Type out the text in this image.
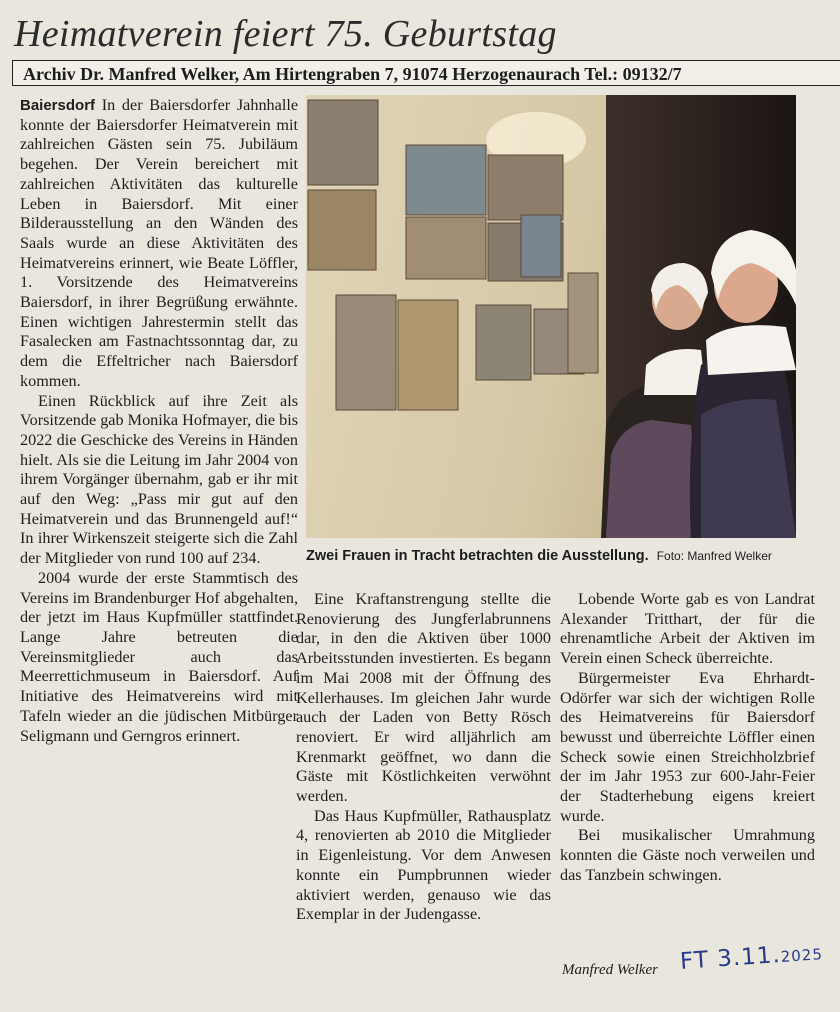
Heimatverein feiert 75. Geburtstag
Archiv Dr. Manfred Welker, Am Hirtengraben 7, 91074 Herzogenaurach Tel.: 09132/7

Baiersdorf In der Baiersdorfer Jahnhalle konnte der Baiersdorfer Heimatverein mit zahlreichen Gästen sein 75. Jubiläum begehen. Der Verein bereichert mit zahlreichen Aktivitäten das kulturelle Leben in Baiersdorf. Mit einer Bilderausstellung an den Wänden des Saals wurde an diese Aktivitäten des Heimatvereins erinnert, wie Beate Löffler, 1. Vorsitzende des Heimatvereins Baiersdorf, in ihrer Begrüßung erwähnte. Einen wichtigen Jahrestermin stellt das Fasalecken am Fastnachtssonntag dar, zu dem die Effeltricher nach Baiersdorf kommen.

Einen Rückblick auf ihre Zeit als Vorsitzende gab Monika Hofmayer, die bis 2022 die Geschicke des Vereins in Händen hielt. Als sie die Leitung im Jahr 2004 von ihrem Vorgänger übernahm, gab er ihr mit auf den Weg: „Pass mir gut auf den Heimatverein und das Brunnengeld auf!“ In ihrer Wirkenszeit steigerte sich die Zahl der Mitglieder von rund 100 auf 234.

2004 wurde der erste Stammtisch des Vereins im Brandenburger Hof abgehalten, der jetzt im Haus Kupfmüller stattfindet. Lange Jahre betreuten die Vereinsmitglieder auch das Meerrettichmuseum in Baiersdorf. Auf Initiative des Heimatvereins wird mit Tafeln wieder an die jüdischen Mitbürger Seligmann und Gerngros erinnert.

Zwei Frauen in Tracht betrachten die Ausstellung. Foto: Manfred Welker

Eine Kraftanstrengung stellte die Renovierung des Jungferlabrunnens dar, in den die Aktiven über 1000 Arbeitsstunden investierten. Es begann im Mai 2008 mit der Öffnung des Kellerhauses. Im gleichen Jahr wurde auch der Laden von Betty Rösch renoviert. Er wird alljährlich am Krenmarkt geöffnet, wo dann die Gäste mit Köstlichkeiten verwöhnt werden.

Das Haus Kupfmüller, Rathausplatz 4, renovierten ab 2010 die Mitglieder in Eigenleistung. Vor dem Anwesen konnte ein Pumpbrunnen wieder aktiviert werden, genauso wie das Exemplar in der Judengasse.

Lobende Worte gab es von Landrat Alexander Tritthart, der für die ehrenamtliche Arbeit der Aktiven im Verein einen Scheck überreichte.

Bürgermeister Eva Ehrhardt-Odörfer war sich der wichtigen Rolle des Heimatvereins für Baiersdorf bewusst und überreichte Löffler einen Scheck sowie einen Streichholzbrief der im Jahr 1953 zur 600-Jahr-Feier der Stadterhebung eigens kreiert wurde.

Bei musikalischer Umrahmung konnten die Gäste noch verweilen und das Tanzbein schwingen.

Manfred Welker FT 3.11.2025
